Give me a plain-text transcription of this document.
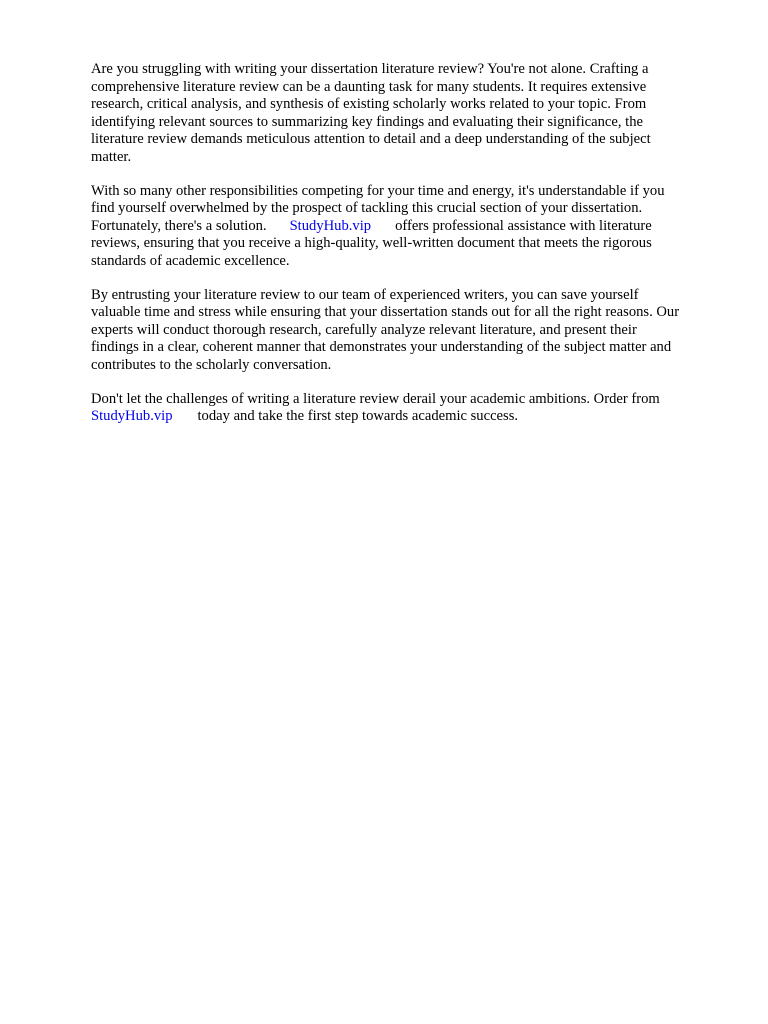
Are you struggling with writing your dissertation literature review? You're not alone. Crafting a
comprehensive literature review can be a daunting task for many students. It requires extensive
research, critical analysis, and synthesis of existing scholarly works related to your topic. From
identifying relevant sources to summarizing key findings and evaluating their significance, the
literature review demands meticulous attention to detail and a deep understanding of the subject
matter.

With so many other responsibilities competing for your time and energy, it's understandable if you
find yourself overwhelmed by the prospect of tackling this crucial section of your dissertation.
Fortunately, there's a solution. StudyHub.vip offers professional assistance with literature
reviews, ensuring that you receive a high-quality, well-written document that meets the rigorous
standards of academic excellence.

By entrusting your literature review to our team of experienced writers, you can save yourself
valuable time and stress while ensuring that your dissertation stands out for all the right reasons. Our
experts will conduct thorough research, carefully analyze relevant literature, and present their
findings in a clear, coherent manner that demonstrates your understanding of the subject matter and
contributes to the scholarly conversation.

Don't let the challenges of writing a literature review derail your academic ambitions. Order from
StudyHub.vip today and take the first step towards academic success.
